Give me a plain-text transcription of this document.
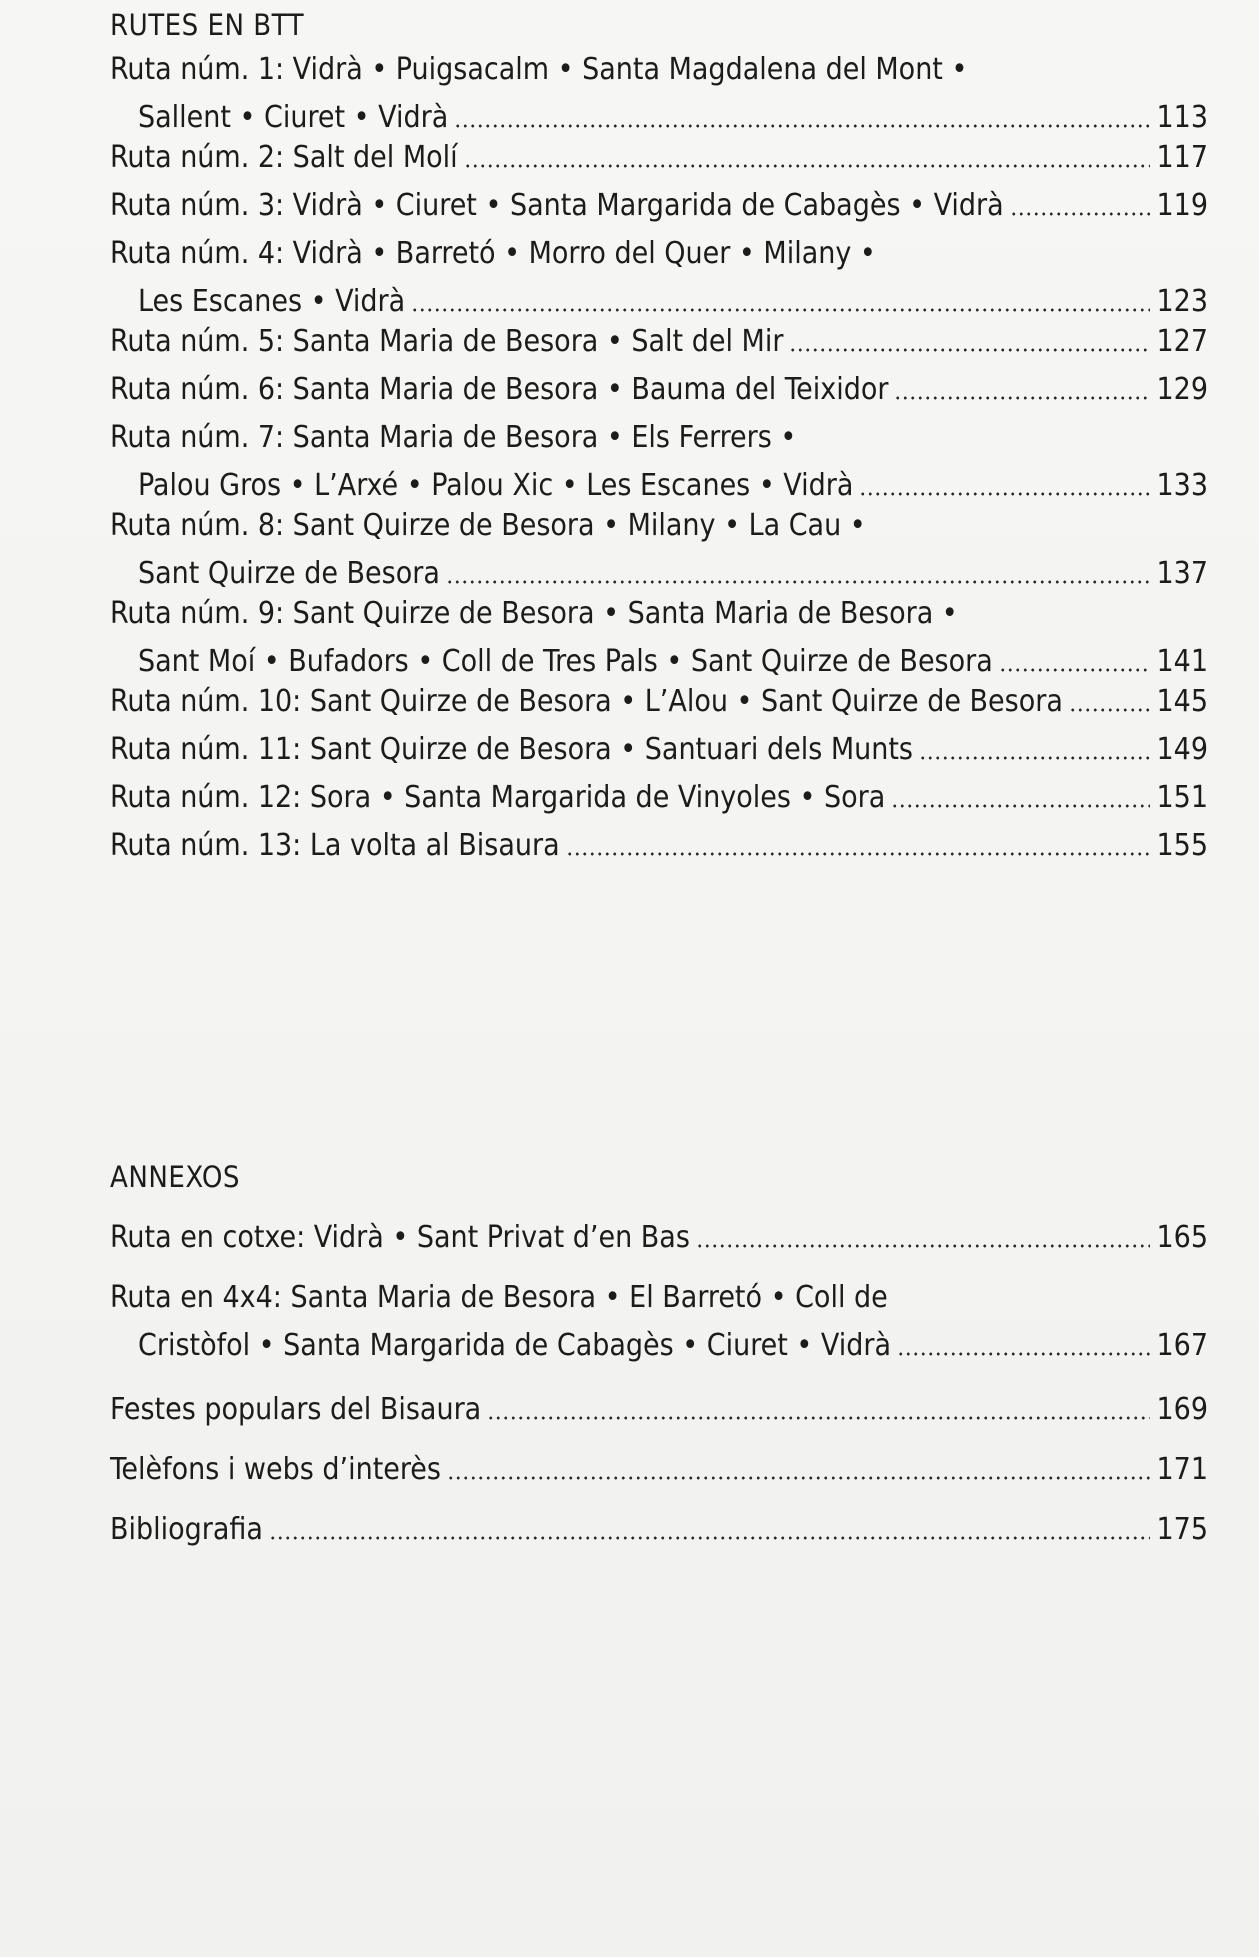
RUTES EN BTT
Ruta núm. 1: Vidrà • Puigsacalm • Santa Magdalena del Mont •
Sallent • Ciuret • Vidrà	113
Ruta núm. 2: Salt del Molí	117
Ruta núm. 3: Vidrà • Ciuret • Santa Margarida de Cabagès • Vidrà	119
Ruta núm. 4: Vidrà • Barretó • Morro del Quer • Milany •
Les Escanes • Vidrà	123
Ruta núm. 5: Santa Maria de Besora • Salt del Mir	127
Ruta núm. 6: Santa Maria de Besora • Bauma del Teixidor	129
Ruta núm. 7: Santa Maria de Besora • Els Ferrers •
Palou Gros • L’Arxé • Palou Xic • Les Escanes • Vidrà	133
Ruta núm. 8: Sant Quirze de Besora • Milany • La Cau •
Sant Quirze de Besora	137
Ruta núm. 9: Sant Quirze de Besora • Santa Maria de Besora •
Sant Moí • Bufadors • Coll de Tres Pals • Sant Quirze de Besora	141
Ruta núm. 10: Sant Quirze de Besora • L’Alou • Sant Quirze de Besora	145
Ruta núm. 11: Sant Quirze de Besora • Santuari dels Munts	149
Ruta núm. 12: Sora • Santa Margarida de Vinyoles • Sora	151
Ruta núm. 13: La volta al Bisaura	155
ANNEXOS
Ruta en cotxe: Vidrà • Sant Privat d’en Bas	165
Ruta en 4x4: Santa Maria de Besora • El Barretó • Coll de
Cristòfol • Santa Margarida de Cabagès • Ciuret • Vidrà	167
Festes populars del Bisaura	169
Telèfons i webs d’interès	171
Bibliografia	175
